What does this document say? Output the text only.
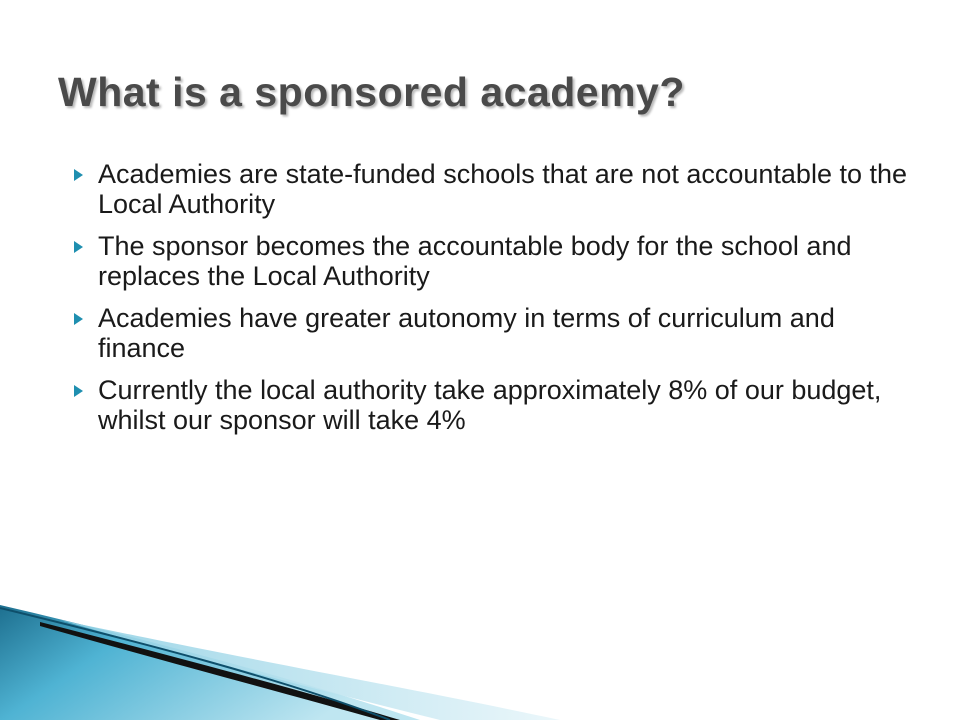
What is a sponsored academy?
Academies are state-funded schools that are not accountable to the Local Authority
The sponsor becomes the accountable body for the school and replaces the Local Authority
Academies have greater autonomy in terms of curriculum and finance
Currently the local authority take approximately 8% of our budget, whilst our sponsor will take 4%
